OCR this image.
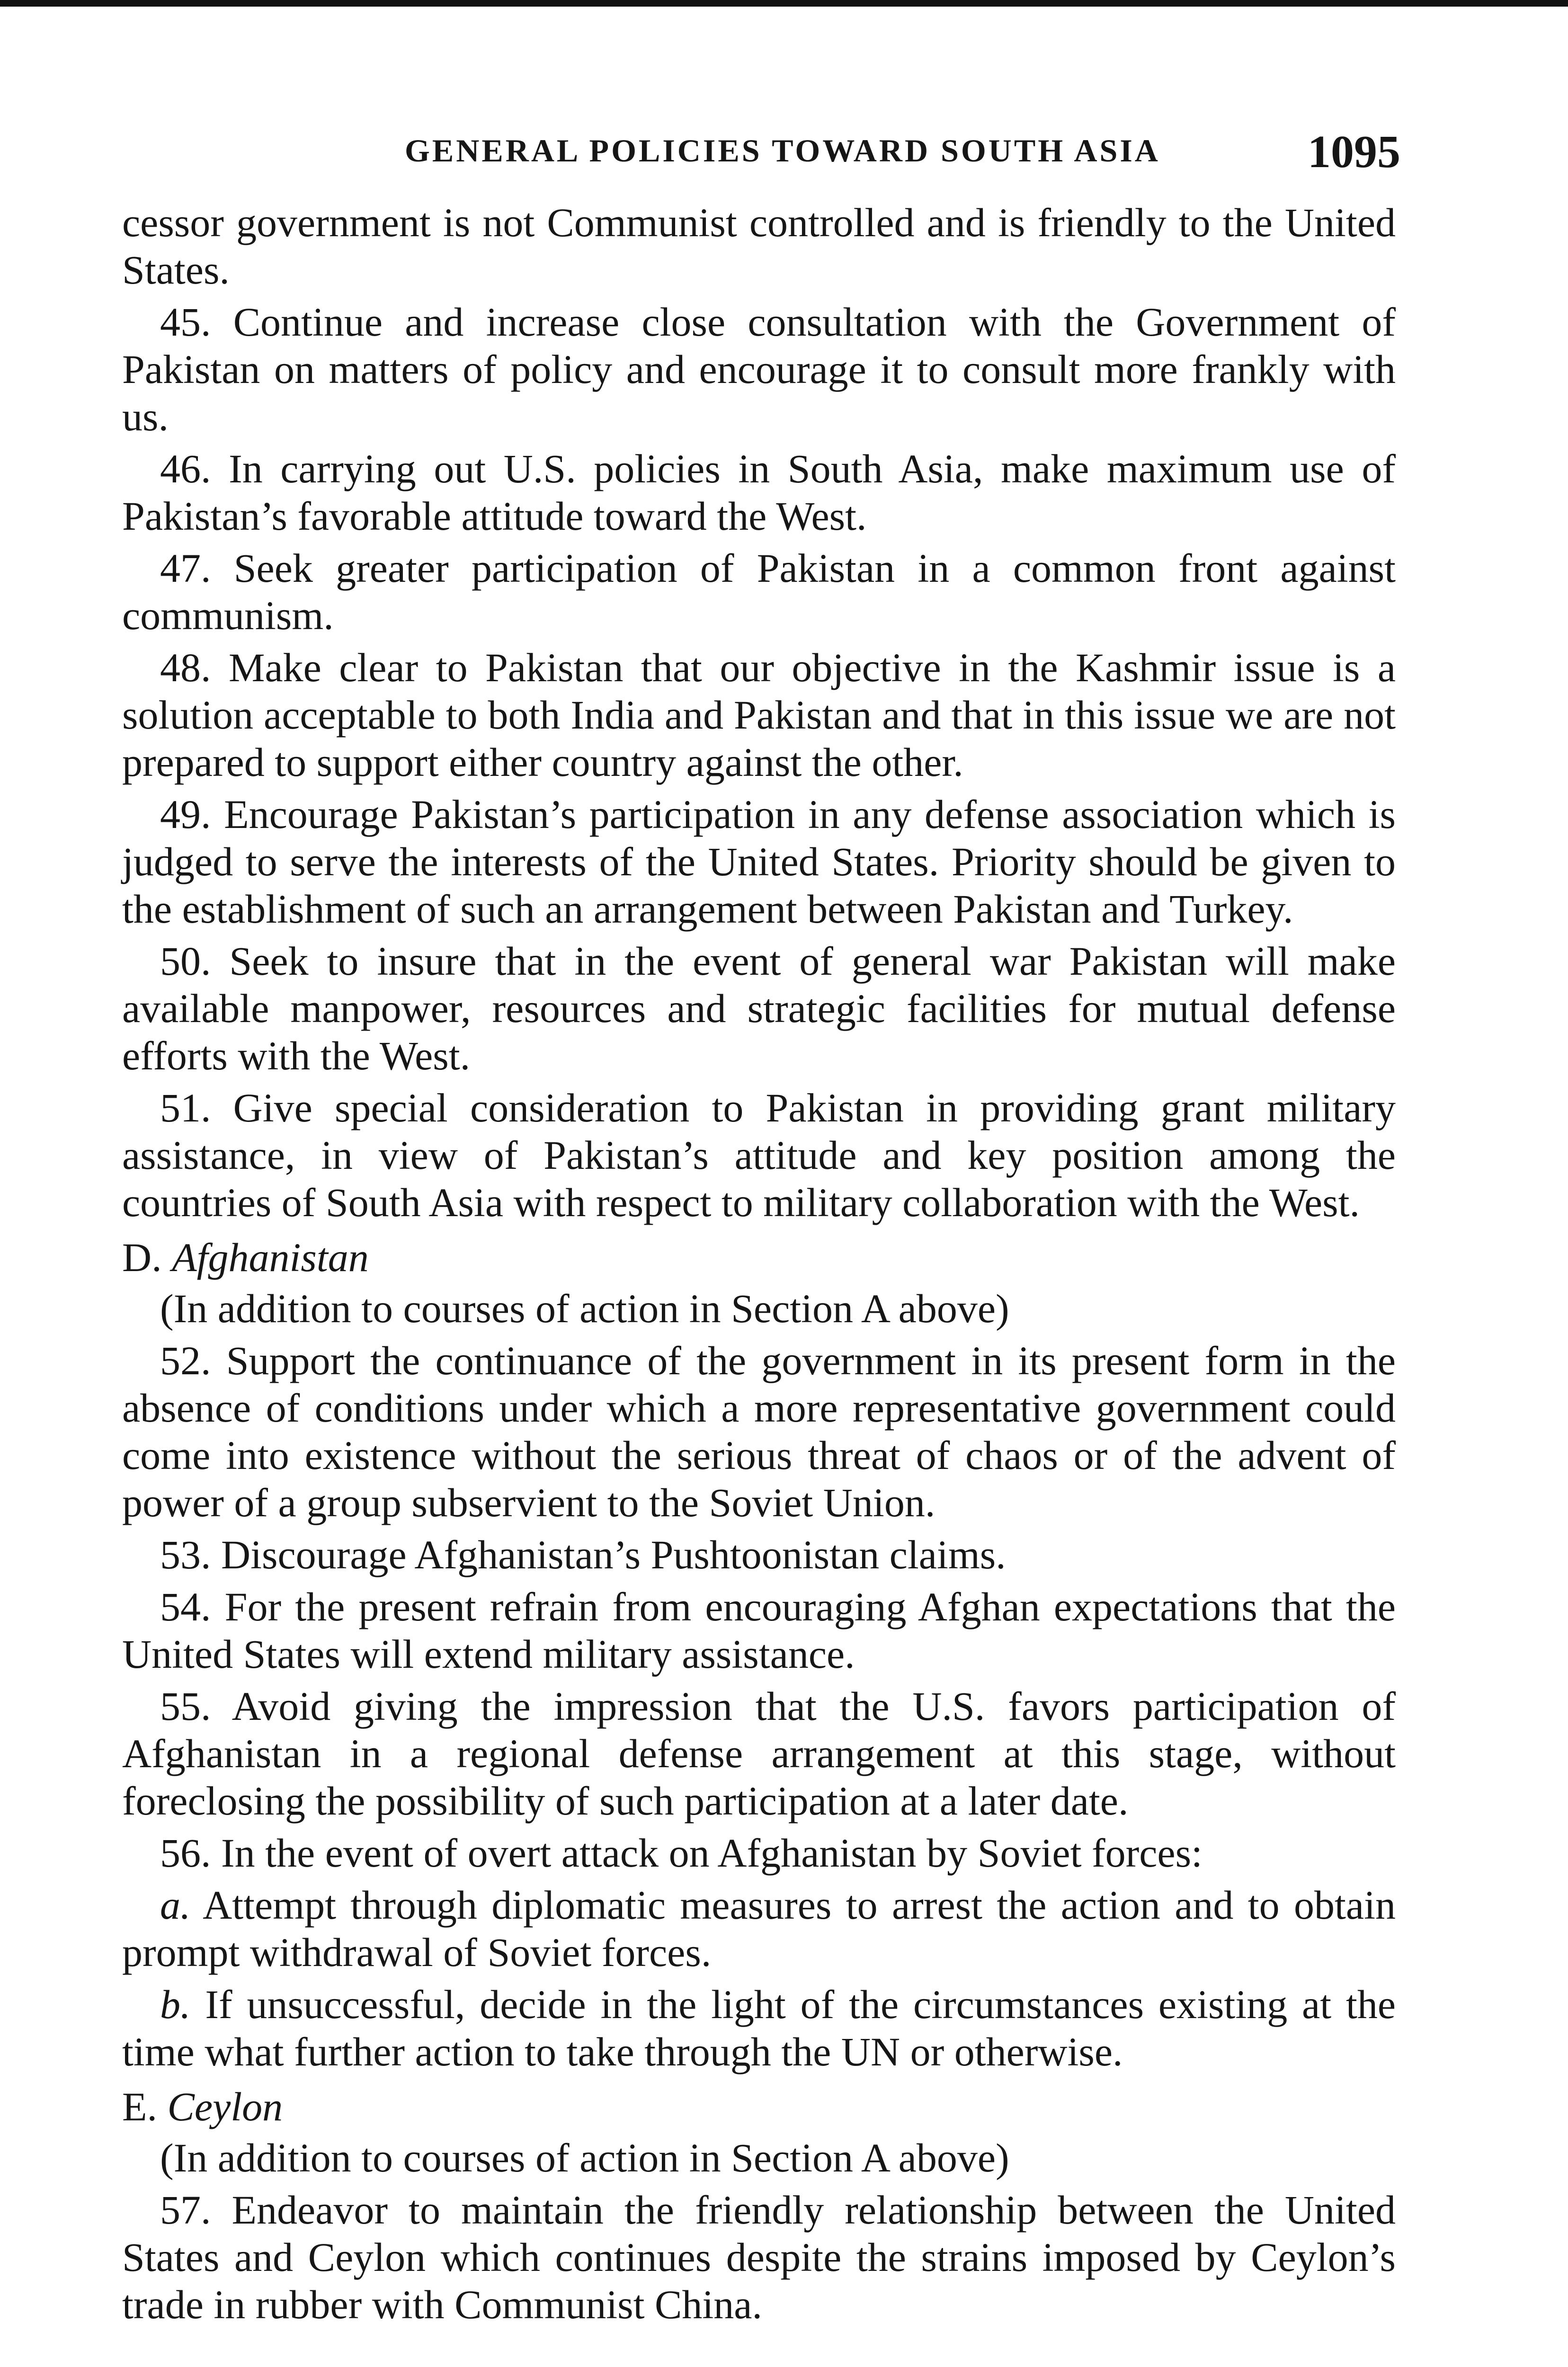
GENERAL POLICIES TOWARD SOUTH ASIA	1095

cessor government is not Communist controlled and is friendly to the United States.

45. Continue and increase close consultation with the Government of Pakistan on matters of policy and encourage it to consult more frankly with us.

46. In carrying out U.S. policies in South Asia, make maximum use of Pakistan’s favorable attitude toward the West.

47. Seek greater participation of Pakistan in a common front against communism.

48. Make clear to Pakistan that our objective in the Kashmir issue is a solution acceptable to both India and Pakistan and that in this issue we are not prepared to support either country against the other.

49. Encourage Pakistan’s participation in any defense association which is judged to serve the interests of the United States. Priority should be given to the establishment of such an arrangement between Pakistan and Turkey.

50. Seek to insure that in the event of general war Pakistan will make available manpower, resources and strategic facilities for mutual defense efforts with the West.

51. Give special consideration to Pakistan in providing grant military assistance, in view of Pakistan’s attitude and key position among the countries of South Asia with respect to military collaboration with the West.

D. Afghanistan

(In addition to courses of action in Section A above)

52. Support the continuance of the government in its present form in the absence of conditions under which a more representative government could come into existence without the serious threat of chaos or of the advent of power of a group subservient to the Soviet Union.

53. Discourage Afghanistan’s Pushtoonistan claims.

54. For the present refrain from encouraging Afghan expectations that the United States will extend military assistance.

55. Avoid giving the impression that the U.S. favors participation of Afghanistan in a regional defense arrangement at this stage, without foreclosing the possibility of such participation at a later date.

56. In the event of overt attack on Afghanistan by Soviet forces:

a. Attempt through diplomatic measures to arrest the action and to obtain prompt withdrawal of Soviet forces.

b. If unsuccessful, decide in the light of the circumstances existing at the time what further action to take through the UN or otherwise.

E. Ceylon

(In addition to courses of action in Section A above)

57. Endeavor to maintain the friendly relationship between the United States and Ceylon which continues despite the strains imposed by Ceylon’s trade in rubber with Communist China.
